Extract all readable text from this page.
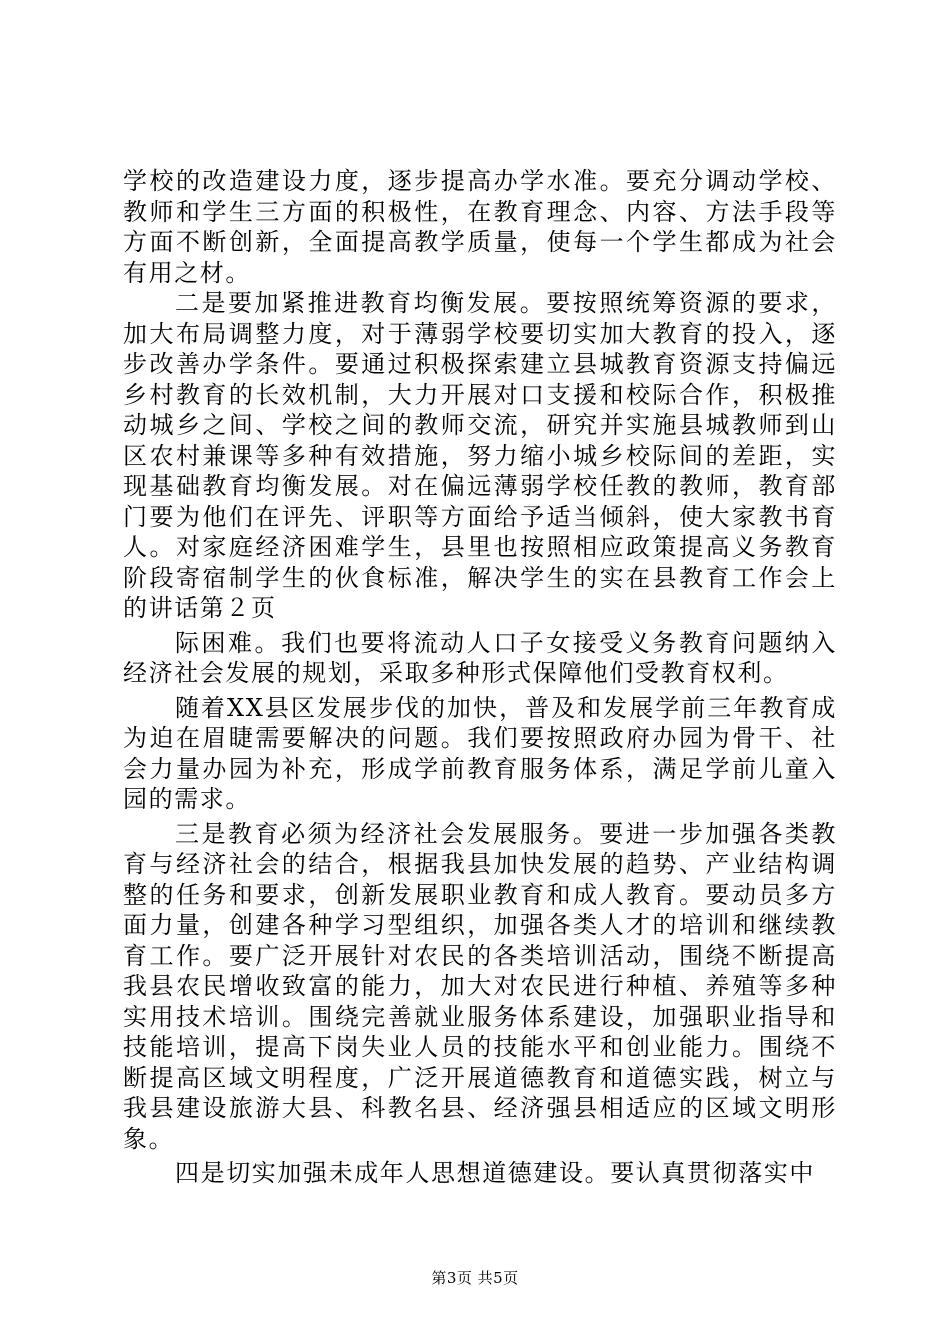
学校的改造建设力度，逐步提高办学水准。要充分调动学校、教师和学生三方面的积极性，在教育理念、内容、方法手段等方面不断创新，全面提高教学质量，使每一个学生都成为社会有用之材。

二是要加紧推进教育均衡发展。要按照统筹资源的要求，加大布局调整力度，对于薄弱学校要切实加大教育的投入，逐步改善办学条件。要通过积极探索建立县城教育资源支持偏远乡村教育的长效机制，大力开展对口支援和校际合作，积极推动城乡之间、学校之间的教师交流，研究并实施县城教师到山区农村兼课等多种有效措施，努力缩小城乡校际间的差距，实现基础教育均衡发展。对在偏远薄弱学校任教的教师，教育部门要为他们在评先、评职等方面给予适当倾斜，使大家教书育人。对家庭经济困难学生，县里也按照相应政策提高义务教育阶段寄宿制学生的伙食标准，解决学生的实在县教育工作会上的讲话第２页

际困难。我们也要将流动人口子女接受义务教育问题纳入经济社会发展的规划，采取多种形式保障他们受教育权利。

随着XX县区发展步伐的加快，普及和发展学前三年教育成为迫在眉睫需要解决的问题。我们要按照政府办园为骨干、社会力量办园为补充，形成学前教育服务体系，满足学前儿童入园的需求。

三是教育必须为经济社会发展服务。要进一步加强各类教育与经济社会的结合，根据我县加快发展的趋势、产业结构调整的任务和要求，创新发展职业教育和成人教育。要动员多方面力量，创建各种学习型组织，加强各类人才的培训和继续教育工作。要广泛开展针对农民的各类培训活动，围绕不断提高我县农民增收致富的能力，加大对农民进行种植、养殖等多种实用技术培训。围绕完善就业服务体系建设，加强职业指导和技能培训，提高下岗失业人员的技能水平和创业能力。围绕不断提高区域文明程度，广泛开展道德教育和道德实践，树立与我县建设旅游大县、科教名县、经济强县相适应的区域文明形象。

四是切实加强未成年人思想道德建设。要认真贯彻落实中

第3页 共5页
